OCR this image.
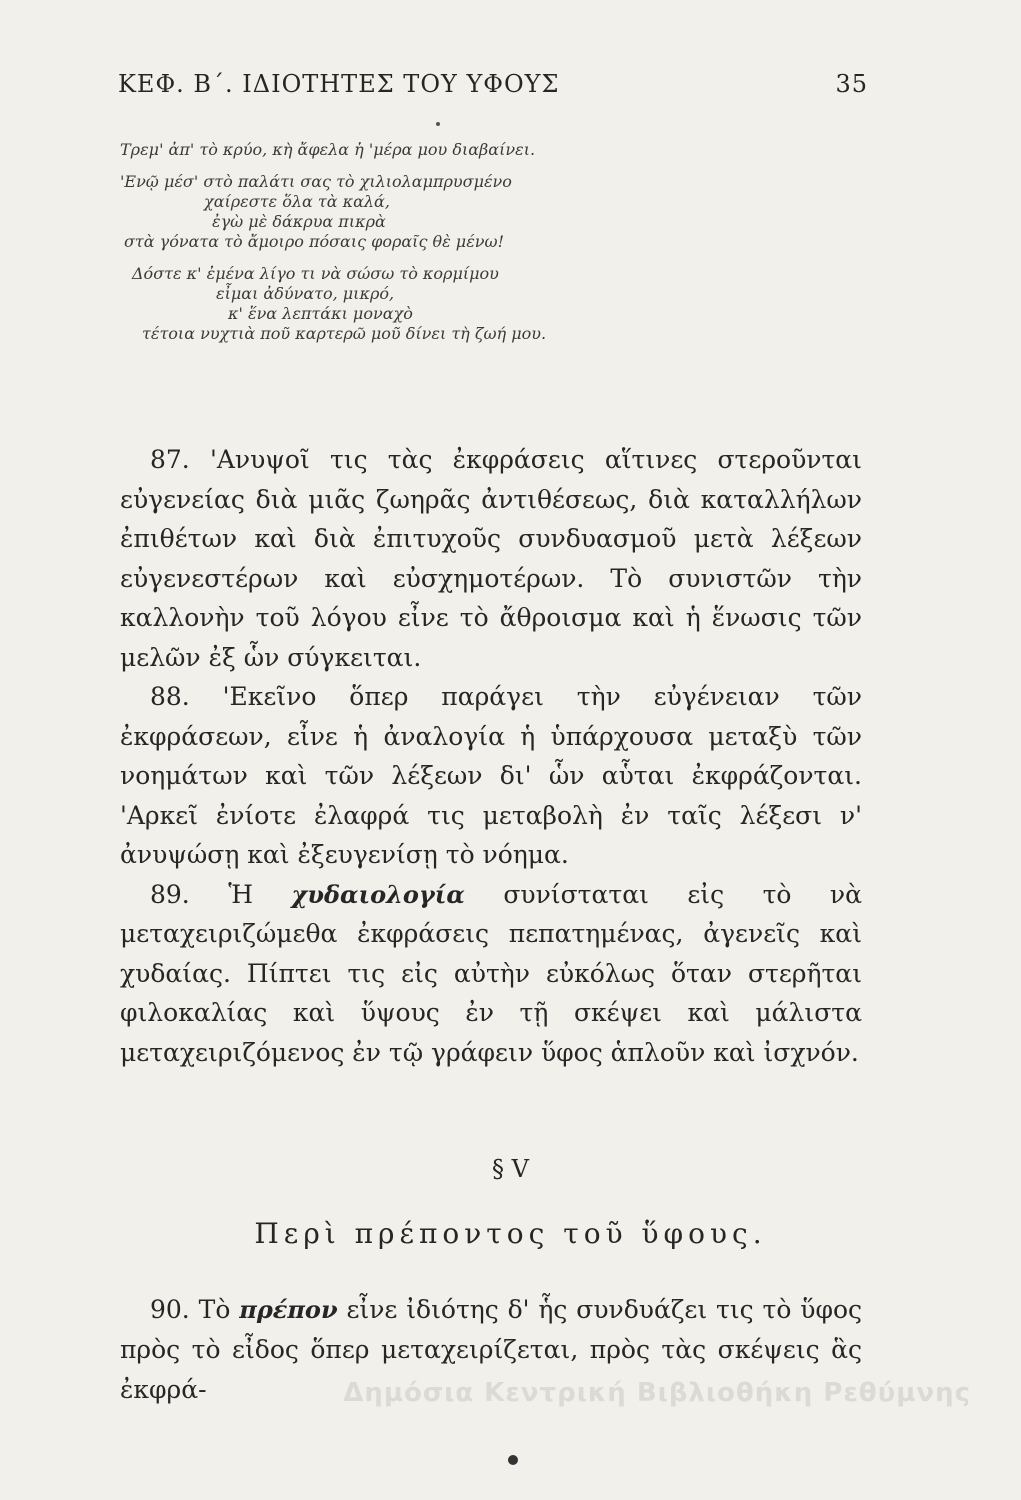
ΚΕΦ. Β΄. ΙΔΙΟΤΗΤΕΣ ΤΟΥ ΥΦΟΥΣ	35
Τρεμ' ἀπ' τὸ κρύο, κὴ ἄφελα ἡ 'μέρα μου διαβαίνει.
'Ενῷ μέσ' στὸ παλάτι σας τὸ χιλιολαμπρυσμένο
χαίρεστε ὅλα τὰ καλά,
ἐγὼ μὲ δάκρυα πικρὰ
στὰ γόνατα τὸ ἄμοιρο πόσαις φοραῖς θὲ μένω!
Δόστε κ' ἐμένα λίγο τι νὰ σώσω τὸ κορμίμου
εἶμαι ἀδύνατο, μικρό,
κ' ἕνα λεπτάκι μοναχὸ
τέτοια νυχτιὰ ποῦ καρτερῶ μοῦ δίνει τὴ ζωή μου.

87. 'Ανυψοῖ τις τὰς ἐκφράσεις αἵτινες στεροῦνται εὐγενείας διὰ μιᾶς ζωηρᾶς ἀντιθέσεως, διὰ καταλλήλων ἐπιθέτων καὶ διὰ ἐπιτυχοῦς συνδυασμοῦ μετὰ λέξεων εὐγενεστέρων καὶ εὐσχημοτέρων. Τὸ συνιστῶν τὴν καλλονὴν τοῦ λόγου εἶνε τὸ ἄθροισμα καὶ ἡ ἕνωσις τῶν μελῶν ἐξ ὧν σύγκειται.

88. 'Εκεῖνο ὅπερ παράγει τὴν εὐγένειαν τῶν ἐκφράσεων, εἶνε ἡ ἀναλογία ἡ ὑπάρχουσα μεταξὺ τῶν νοημάτων καὶ τῶν λέξεων δι' ὧν αὗται ἐκφράζονται. 'Αρκεῖ ἐνίοτε ἐλαφρά τις μεταβολὴ ἐν ταῖς λέξεσι ν' ἀνυψώσῃ καὶ ἐξευγενίσῃ τὸ νόημα.

89. Ἡ χυδαιολογία συνίσταται εἰς τὸ νὰ μεταχειριζώμεθα ἐκφράσεις πεπατημένας, ἀγενεῖς καὶ χυδαίας. Πίπτει τις εἰς αὐτὴν εὐκόλως ὅταν στερῆται φιλοκαλίας καὶ ὕψους ἐν τῇ σκέψει καὶ μάλιστα μεταχειριζόμενος ἐν τῷ γράφειν ὕφος ἁπλοῦν καὶ ἰσχνόν.

§ V
Περὶ πρέποντος τοῦ ὕφους.

90. Τὸ πρέπον εἶνε ἰδιότης δ' ἧς συνδυάζει τις τὸ ὕφος πρὸς τὸ εἶδος ὅπερ μεταχειρίζεται, πρὸς τὰς σκέψεις ἃς ἐκφρά-	Δημόσια Κεντρική Βιβλιοθήκη Ρεθύμνης
